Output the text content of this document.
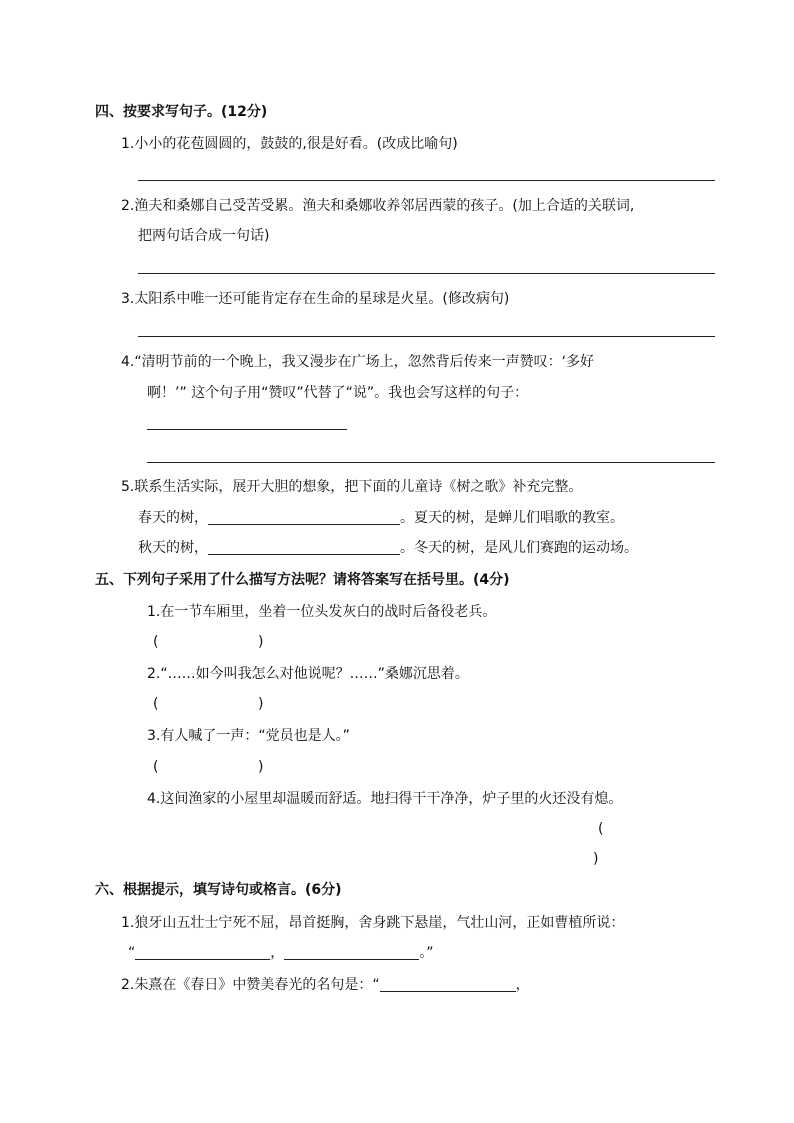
四、按要求写句子。(12分)
1.小小的花苞圆圆的，鼓鼓的,很是好看。(改成比喻句)
2.渔夫和桑娜自己受苦受累。渔夫和桑娜收养邻居西蒙的孩子。(加上合适的关联词,
把两句话合成一句话)
3.太阳系中唯一还可能肯定存在生命的星球是火星。(修改病句)
4.“清明节前的一个晚上，我又漫步在广场上，忽然背后传来一声赞叹：‘多好
啊！’” 这个句子用“赞叹”代替了“说”。我也会写这样的句子：
5.联系生活实际，展开大胆的想象，把下面的儿童诗《树之歌》补充完整。
春天的树，	。夏天的树，是蝉儿们唱歌的教室。
秋天的树，	。冬天的树，是风儿们赛跑的运动场。
五、下列句子采用了什么描写方法呢？请将答案写在括号里。(4分)
1.在一节车厢里，坐着一位头发灰白的战时后备役老兵。
(	)
2.“……如今叫我怎么对他说呢？……”桑娜沉思着。
(	)
3.有人喊了一声：“党员也是人。”
(	)
4.这间渔家的小屋里却温暖而舒适。地扫得干干净净，炉子里的火还没有熄。
(
)
六、根据提示，填写诗句或格言。(6分)
1.狼牙山五壮士宁死不屈，昂首挺胸，舍身跳下悬崖，气壮山河，正如曹植所说：
“	，	。”
2.朱熹在《春日》中赞美春光的名句是：“	，
